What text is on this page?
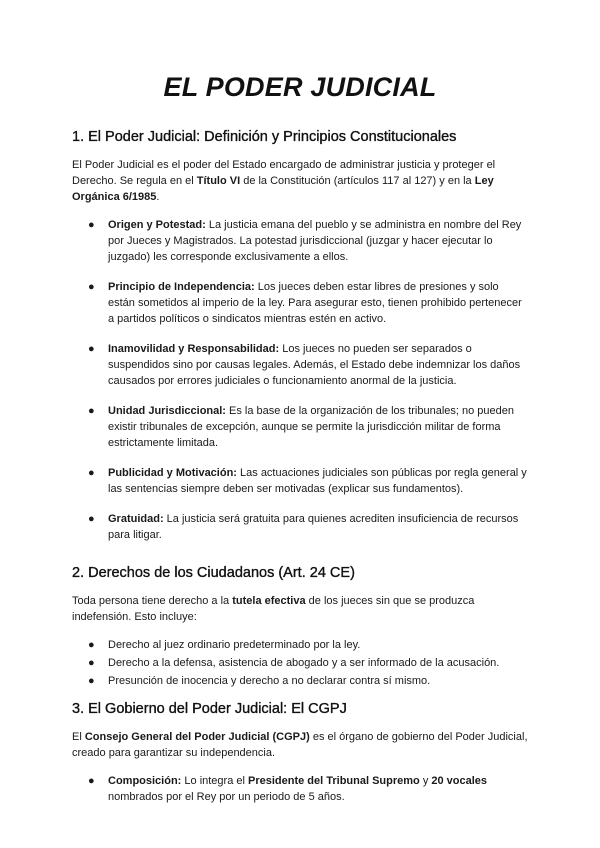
EL PODER JUDICIAL
1. El Poder Judicial: Definición y Principios Constitucionales

El Poder Judicial es el poder del Estado encargado de administrar justicia y proteger el Derecho. Se regula en el Título VI de la Constitución (artículos 117 al 127) y en la Ley Orgánica 6/1985.

● Origen y Potestad: La justicia emana del pueblo y se administra en nombre del Rey por Jueces y Magistrados. La potestad jurisdiccional (juzgar y hacer ejecutar lo juzgado) les corresponde exclusivamente a ellos.
● Principio de Independencia: Los jueces deben estar libres de presiones y solo están sometidos al imperio de la ley. Para asegurar esto, tienen prohibido pertenecer a partidos políticos o sindicatos mientras estén en activo.
● Inamovilidad y Responsabilidad: Los jueces no pueden ser separados o suspendidos sino por causas legales. Además, el Estado debe indemnizar los daños causados por errores judiciales o funcionamiento anormal de la justicia.
● Unidad Jurisdiccional: Es la base de la organización de los tribunales; no pueden existir tribunales de excepción, aunque se permite la jurisdicción militar de forma estrictamente limitada.
● Publicidad y Motivación: Las actuaciones judiciales son públicas por regla general y las sentencias siempre deben ser motivadas (explicar sus fundamentos).
● Gratuidad: La justicia será gratuita para quienes acrediten insuficiencia de recursos para litigar.
2. Derechos de los Ciudadanos (Art. 24 CE)

Toda persona tiene derecho a la tutela efectiva de los jueces sin que se produzca indefensión. Esto incluye:

● Derecho al juez ordinario predeterminado por la ley.
● Derecho a la defensa, asistencia de abogado y a ser informado de la acusación.
● Presunción de inocencia y derecho a no declarar contra sí mismo.
3. El Gobierno del Poder Judicial: El CGPJ

El Consejo General del Poder Judicial (CGPJ) es el órgano de gobierno del Poder Judicial, creado para garantizar su independencia.

● Composición: Lo integra el Presidente del Tribunal Supremo y 20 vocales nombrados por el Rey por un periodo de 5 años.
